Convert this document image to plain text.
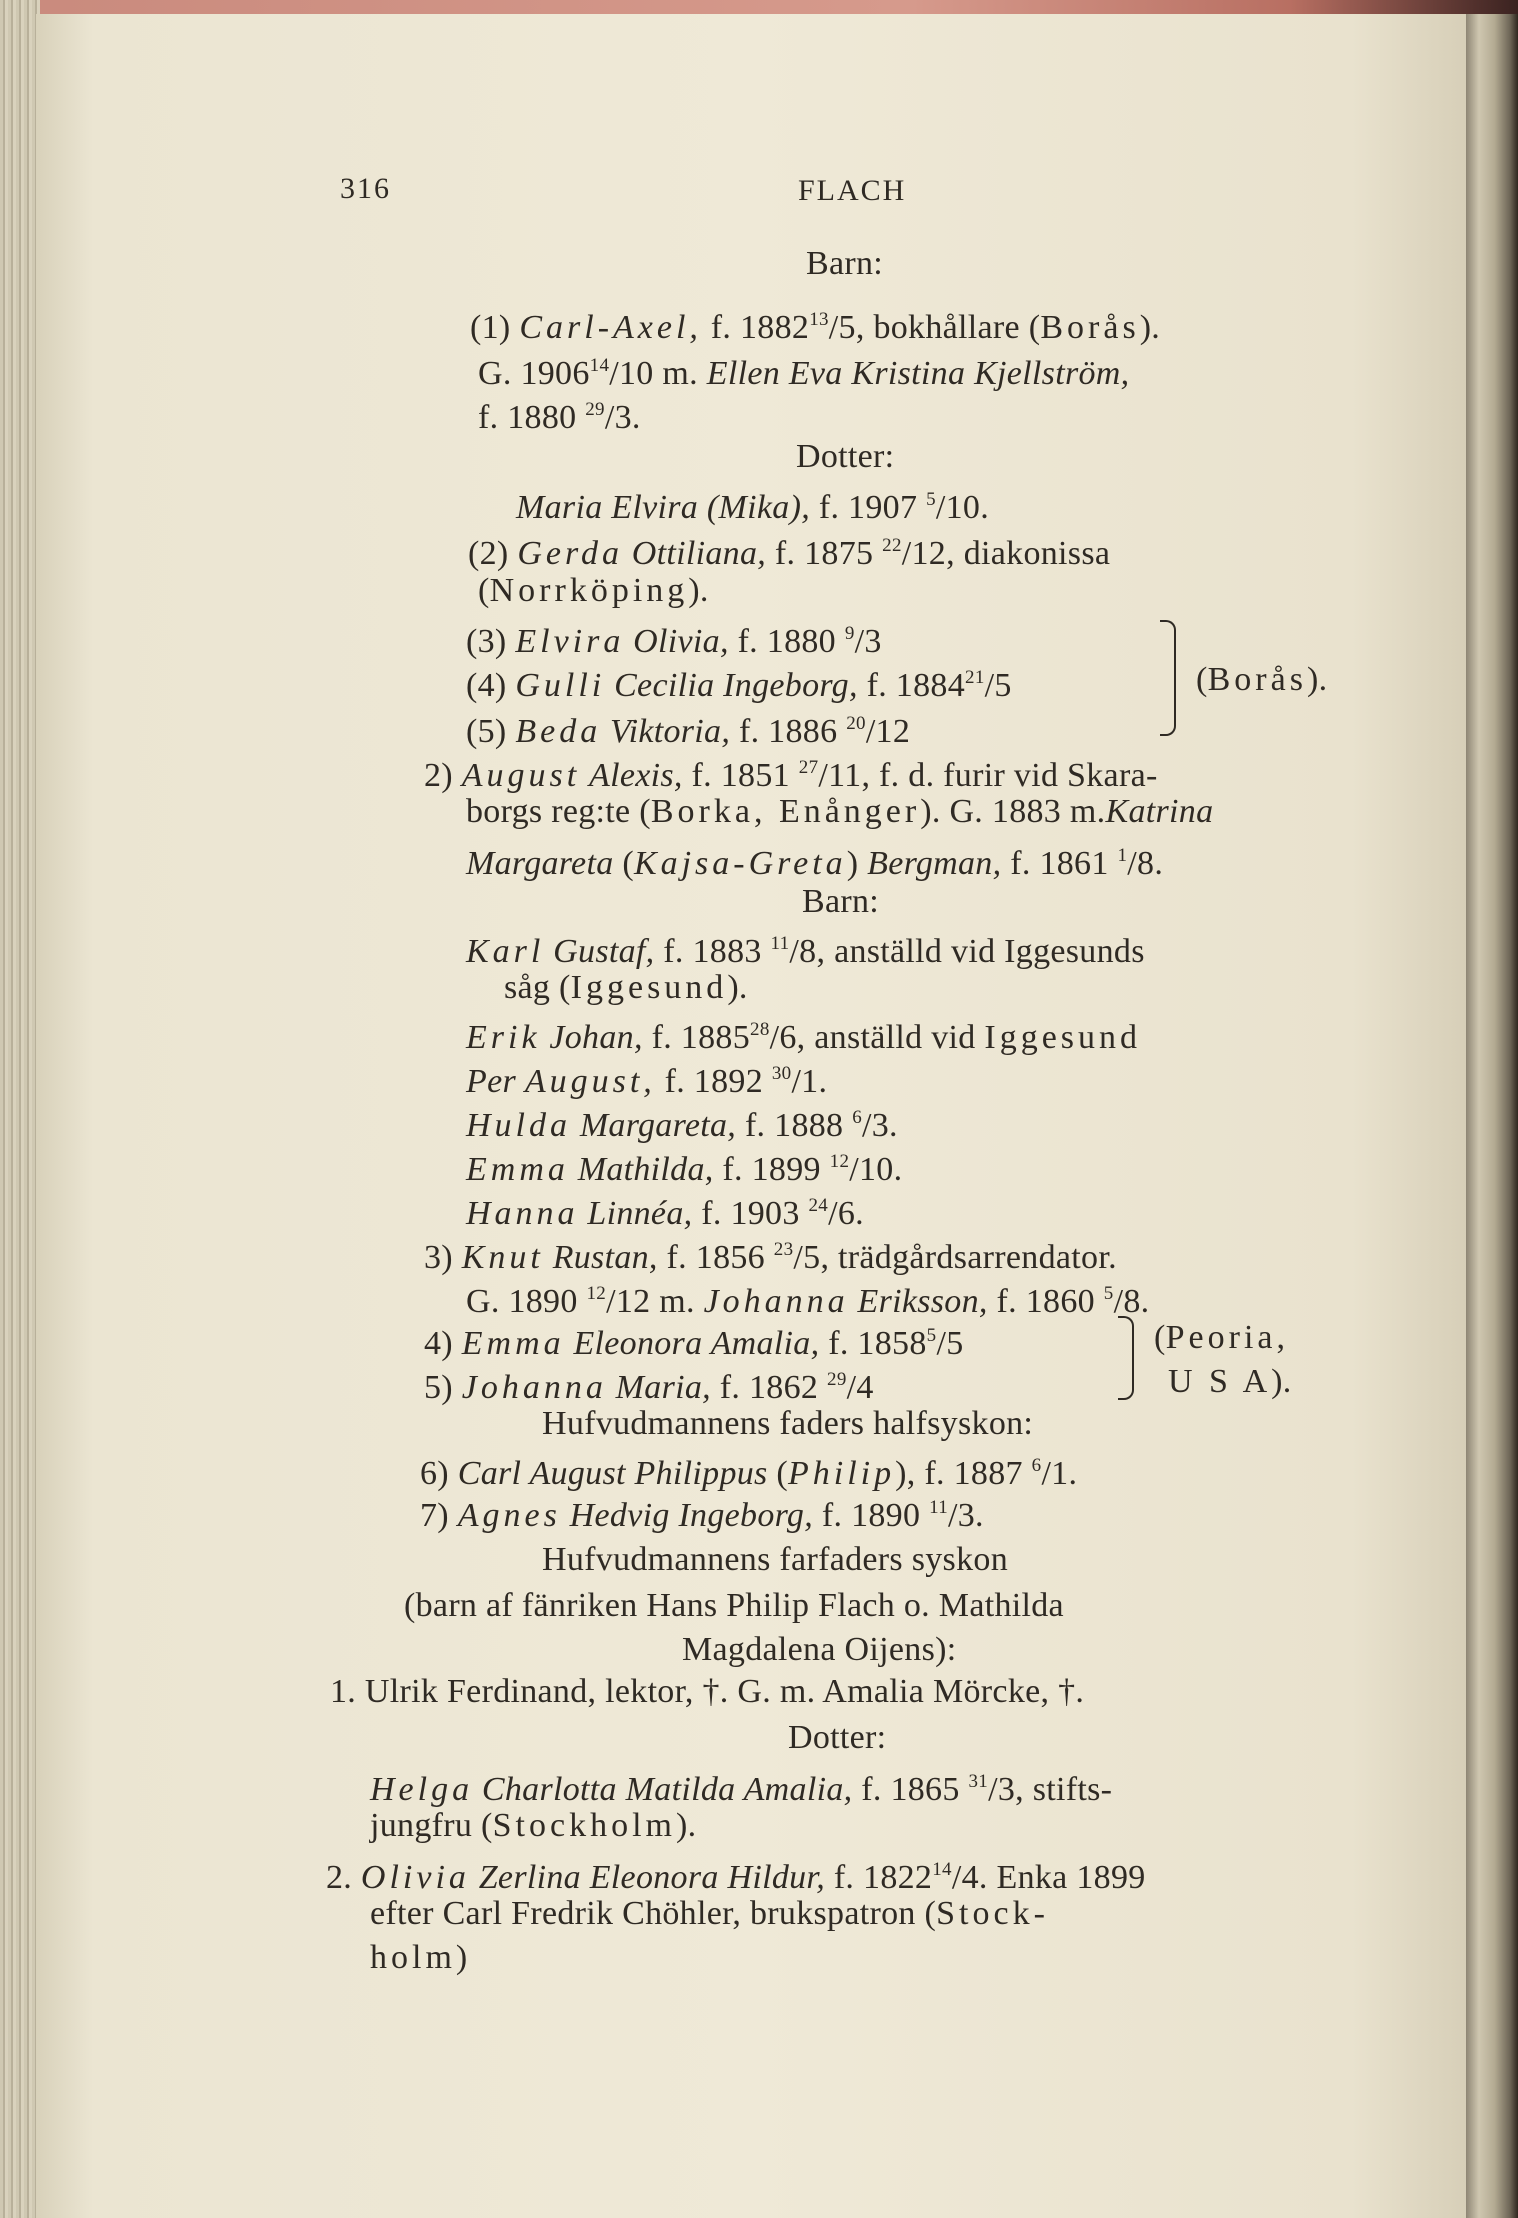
316	FLACH
Barn:
(1) Carl-Axel, f. 1882$^{13}$/5, bokhållare (Borås).
G. 1906$^{14}$/10 m. Ellen Eva Kristina Kjellström,
f. 1880 $^{29}$/3.
Dotter:
Maria Elvira (Mika), f. 1907 $^5$/10.
(2) Gerda Ottiliana, f. 1875 $^{22}$/12, diakonissa
(Norrköping).
(3) Elvira Olivia, f. 1880 $^9$/3
(4) Gulli Cecilia Ingeborg, f. 1884$^{21}$/5	(Borås).
(5) Beda Viktoria, f. 1886 $^{20}$/12
2) August Alexis, f. 1851 $^{27}$/11, f. d. furir vid Skara-
borgs reg:te (Borka, Enånger). G. 1883 m.Katrina
Margareta (Kajsa-Greta) Bergman, f. 1861 $^1$/8.
Barn:
Karl Gustaf, f. 1883 $^{11}$/8, anställd vid Iggesunds
såg (Iggesund).
Erik Johan, f. 1885$^{28}$/6, anställd vid Iggesund
Per August, f. 1892 $^{30}$/1.
Hulda Margareta, f. 1888 $^6$/3.
Emma Mathilda, f. 1899 $^{12}$/10.
Hanna Linnéa, f. 1903 $^{24}$/6.
3) Knut Rustan, f. 1856 $^{23}$/5, trädgårdsarrendator.
G. 1890 $^{12}$/12 m. Johanna Eriksson, f. 1860 $^5$/8.
4) Emma Eleonora Amalia, f. 1858$^5$/5	(Peoria,
5) Johanna Maria, f. 1862 $^{29}$/4	U S A).
Hufvudmannens faders halfsyskon:
6) Carl August Philippus (Philip), f. 1887 $^6$/1.
7) Agnes Hedvig Ingeborg, f. 1890 $^{11}$/3.
Hufvudmannens farfaders syskon
(barn af fänriken Hans Philip Flach o. Mathilda
Magdalena Oijens):
1. Ulrik Ferdinand, lektor, †. G. m. Amalia Mörcke, †.
Dotter:
Helga Charlotta Matilda Amalia, f. 1865 $^{31}$/3, stifts-
jungfru (Stockholm).
2. Olivia Zerlina Eleonora Hildur, f. 1822$^{14}$/4. Enka 1899
efter Carl Fredrik Chöhler, brukspatron (Stock-
holm)
